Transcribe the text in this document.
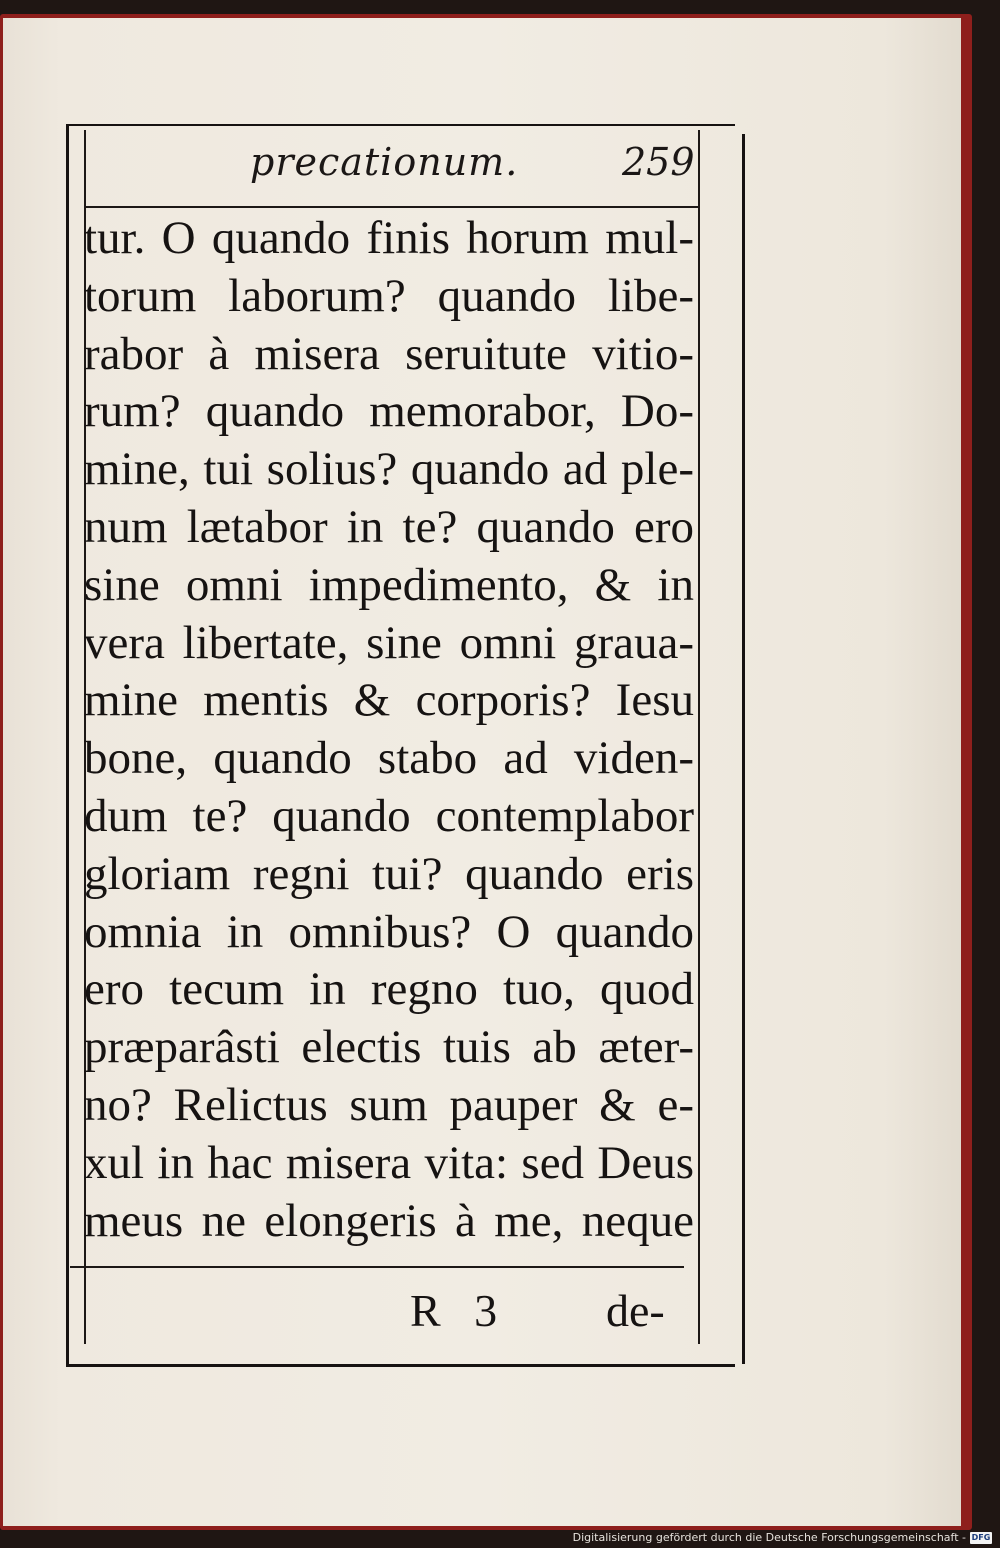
precationum.	259
tur. O quando finis horum mul-
torum laborum? quando libe-
rabor à misera seruitute vitio-
rum? quando memorabor, Do-
mine, tui solius? quando ad ple-
num lætabor in te? quando ero
sine omni impedimento, & in
vera libertate, sine omni graua-
mine mentis & corporis? Iesu
bone, quando stabo ad viden-
dum te? quando contemplabor
gloriam regni tui? quando eris
omnia in omnibus? O quando
ero tecum in regno tuo, quod
præparâsti electis tuis ab æter-
no? Relictus sum pauper & e-
xul in hac misera vita: sed Deus
meus ne elongeris à me, neque
R 3 de-
Digitalisierung gefördert durch die Deutsche Forschungsgemeinschaft - DFG
